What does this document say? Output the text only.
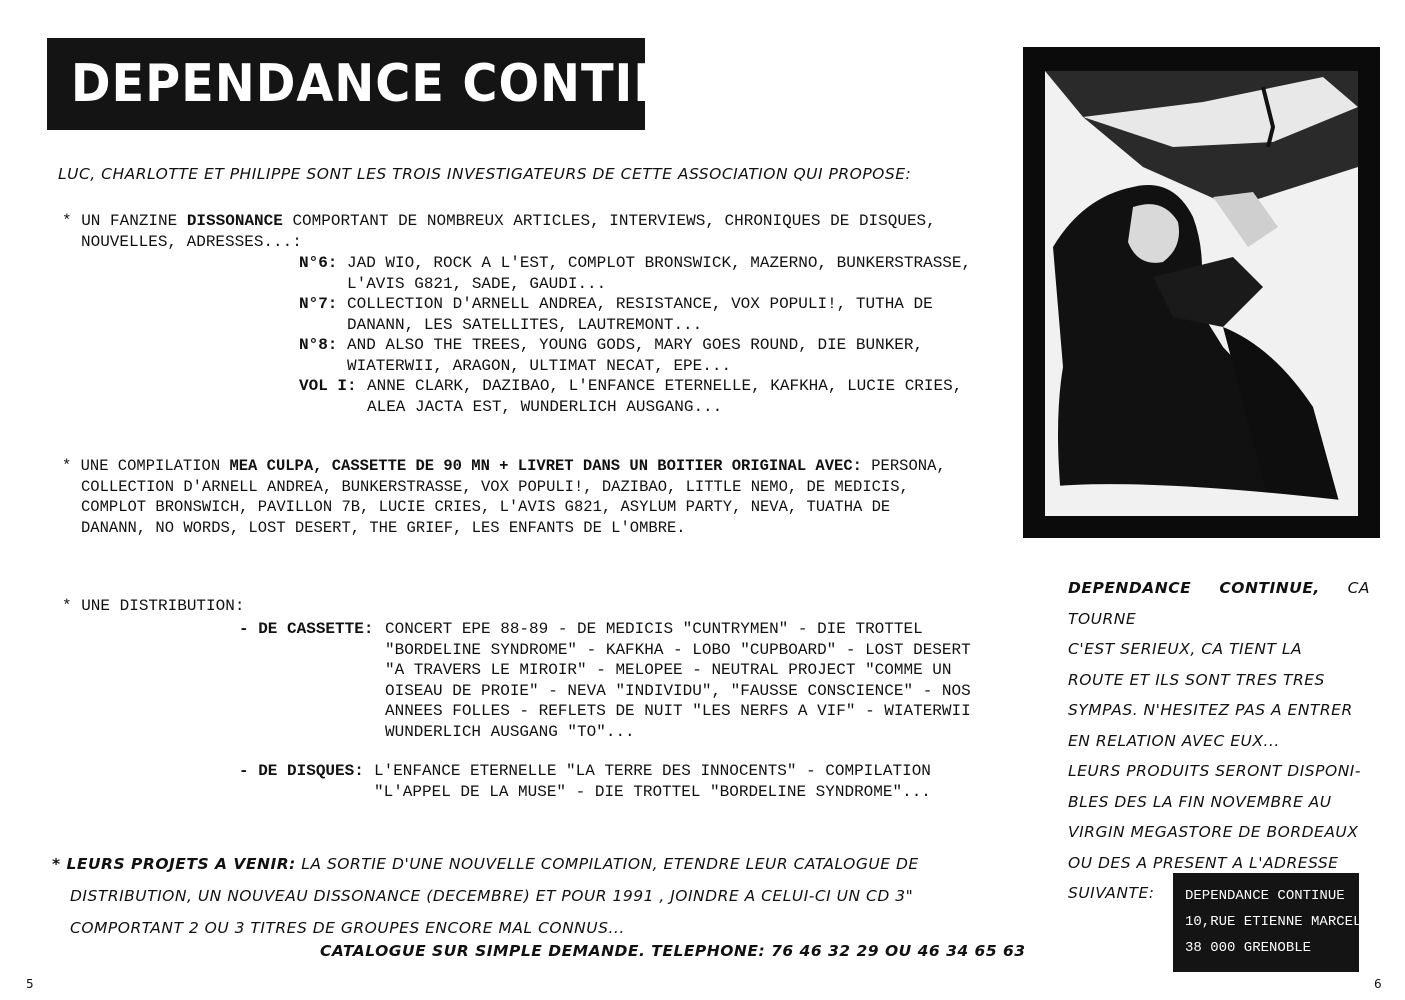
DEPENDANCE CONTINUE
LUC, CHARLOTTE ET PHILIPPE SONT LES TROIS INVESTIGATEURS DE CETTE ASSOCIATION QUI PROPOSE:
* UN FANZINE DISSONANCE COMPORTANT DE NOMBREUX ARTICLES, INTERVIEWS, CHRONIQUES DE DISQUES,
NOUVELLES, ADRESSES...:
N°6: JAD WIO, ROCK A L'EST, COMPLOT BRONSWICK, MAZERNO, BUNKERSTRASSE,
L'AVIS G821, SADE, GAUDI...
N°7: COLLECTION D'ARNELL ANDREA, RESISTANCE, VOX POPULI!, TUTHA DE
DANANN, LES SATELLITES, LAUTREMONT...
N°8: AND ALSO THE TREES, YOUNG GODS, MARY GOES ROUND, DIE BUNKER,
WIATERWII, ARAGON, ULTIMAT NECAT, EPE...
VOL I: ANNE CLARK, DAZIBAO, L'ENFANCE ETERNELLE, KAFKHA, LUCIE CRIES,
ALEA JACTA EST, WUNDERLICH AUSGANG...
* UNE COMPILATION MEA CULPA, CASSETTE DE 90 MN + LIVRET DANS UN BOITIER ORIGINAL AVEC: PERSONA,
COLLECTION D'ARNELL ANDREA, BUNKERSTRASSE, VOX POPULI!, DAZIBAO, LITTLE NEMO, DE MEDICIS,
COMPLOT BRONSWICH, PAVILLON 7B, LUCIE CRIES, L'AVIS G821, ASYLUM PARTY, NEVA, TUATHA DE
DANANN, NO WORDS, LOST DESERT, THE GRIEF, LES ENFANTS DE L'OMBRE.
* UNE DISTRIBUTION:
- DE CASSETTE: CONCERT EPE 88-89 - DE MEDICIS "CUNTRYMEN" - DIE TROTTEL
"BORDELINE SYNDROME" - KAFKHA - LOBO "CUPBOARD" - LOST DESERT
"A TRAVERS LE MIROIR" - MELOPEE - NEUTRAL PROJECT "COMME UN
OISEAU DE PROIE" - NEVA "INDIVIDU", "FAUSSE CONSCIENCE" - NOS
ANNEES FOLLES - REFLETS DE NUIT "LES NERFS A VIF" - WIATERWII
WUNDERLICH AUSGANG "TO"...
- DE DISQUES: L'ENFANCE ETERNELLE "LA TERRE DES INNOCENTS" - COMPILATION
"L'APPEL DE LA MUSE" - DIE TROTTEL "BORDELINE SYNDROME"...
* LEURS PROJETS A VENIR: LA SORTIE D'UNE NOUVELLE COMPILATION, ETENDRE LEUR CATALOGUE DE
DISTRIBUTION, UN NOUVEAU DISSONANCE (DECEMBRE) ET POUR 1991 , JOINDRE A CELUI-CI UN CD 3"
COMPORTANT 2 OU 3 TITRES DE GROUPES ENCORE MAL CONNUS...
CATALOGUE SUR SIMPLE DEMANDE. TELEPHONE: 76 46 32 29 OU 46 34 65 63
DEPENDANCE CONTINUE, CA TOURNE
C'EST SERIEUX, CA TIENT LA
ROUTE ET ILS SONT TRES TRES
SYMPAS. N'HESITEZ PAS A ENTRER
EN RELATION AVEC EUX...
LEURS PRODUITS SERONT DISPONI-
BLES DES LA FIN NOVEMBRE AU
VIRGIN MEGASTORE DE BORDEAUX
OU DES A PRESENT A L'ADRESSE
SUIVANTE:	DEPENDANCE CONTINUE
10,RUE ETIENNE MARCEL
38 000 GRENOBLE
5	6
